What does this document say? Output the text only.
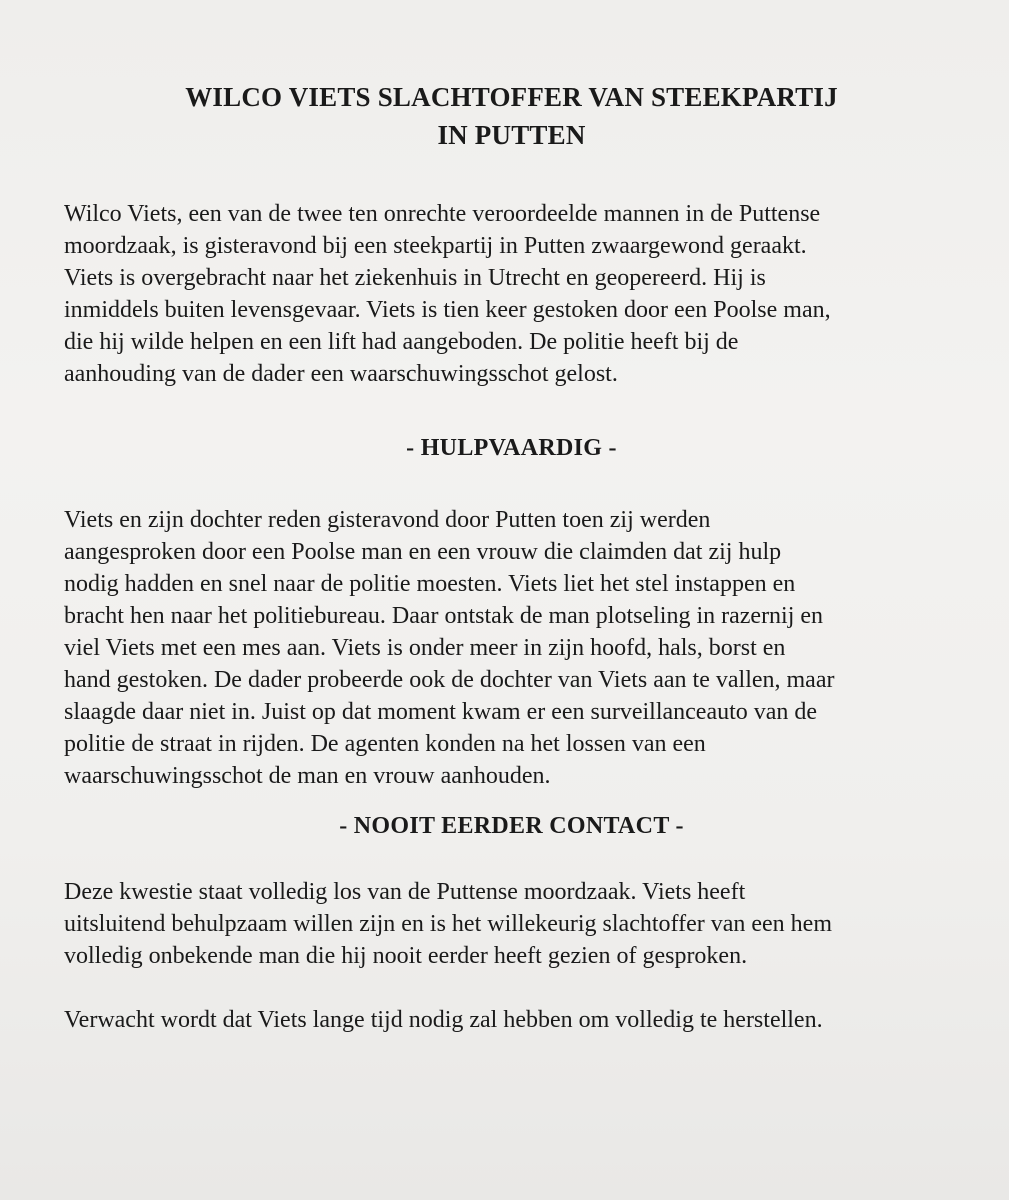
WILCO VIETS SLACHTOFFER VAN STEEKPARTIJ
IN PUTTEN

Wilco Viets, een van de twee ten onrechte veroordeelde mannen in de Puttense
moordzaak, is gisteravond bij een steekpartij in Putten zwaargewond geraakt.
Viets is overgebracht naar het ziekenhuis in Utrecht en geopereerd. Hij is
inmiddels buiten levensgevaar. Viets is tien keer gestoken door een Poolse man,
die hij wilde helpen en een lift had aangeboden. De politie heeft bij de
aanhouding van de dader een waarschuwingsschot gelost.

- HULPVAARDIG -

Viets en zijn dochter reden gisteravond door Putten toen zij werden
aangesproken door een Poolse man en een vrouw die claimden dat zij hulp
nodig hadden en snel naar de politie moesten. Viets liet het stel instappen en
bracht hen naar het politiebureau. Daar ontstak de man plotseling in razernij en
viel Viets met een mes aan. Viets is onder meer in zijn hoofd, hals, borst en
hand gestoken. De dader probeerde ook de dochter van Viets aan te vallen, maar
slaagde daar niet in. Juist op dat moment kwam er een surveillanceauto van de
politie de straat in rijden. De agenten konden na het lossen van een
waarschuwingsschot de man en vrouw aanhouden.

- NOOIT EERDER CONTACT -

Deze kwestie staat volledig los van de Puttense moordzaak. Viets heeft
uitsluitend behulpzaam willen zijn en is het willekeurig slachtoffer van een hem
volledig onbekende man die hij nooit eerder heeft gezien of gesproken.

Verwacht wordt dat Viets lange tijd nodig zal hebben om volledig te herstellen.
